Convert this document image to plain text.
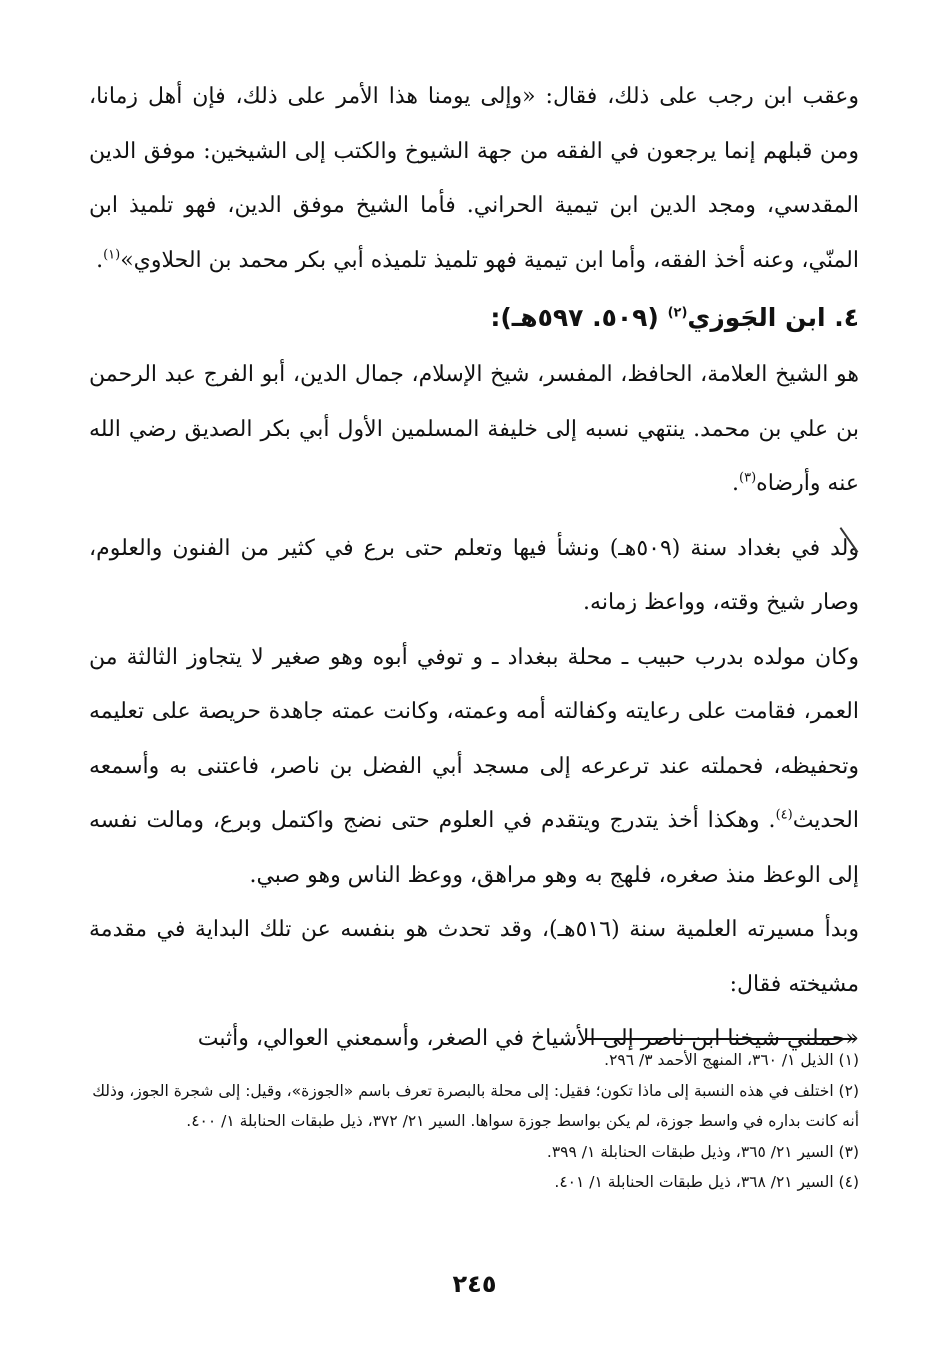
وعقب ابن رجب على ذلك، فقال: «وإلى يومنا هذا الأمر على ذلك، فإن أهل زمانا، ومن قبلهم إنما يرجعون في الفقه من جهة الشيوخ والكتب إلى الشيخين: موفق الدين المقدسي، ومجد الدين ابن تيمية الحراني. فأما الشيخ موفق الدين، فهو تلميذ ابن المنّي، وعنه أخذ الفقه، وأما ابن تيمية فهو تلميذ تلميذه أبي بكر محمد بن الحلاوي»$^{(١)}$.

٤. ابن الجَوزي$^{(٢)}$ (٥٠٩. ٥٩٧هـ):

هو الشيخ العلامة، الحافظ، المفسر، شيخ الإسلام، جمال الدين، أبو الفرج عبد الرحمن بن علي بن محمد. ينتهي نسبه إلى خليفة المسلمين الأول أبي بكر الصديق رضي الله عنه وأرضاه$^{(٣)}$.

ولد في بغداد سنة (٥٠٩هـ) ونشأ فيها وتعلم حتى برع في كثير من الفنون والعلوم، وصار شيخ وقته، وواعظ زمانه.

وكان مولده بدرب حبيب ـ محلة ببغداد ـ و توفي أبوه وهو صغير لا يتجاوز الثالثة من العمر، فقامت على رعايته وكفالته أمه وعمته، وكانت عمته جاهدة حريصة على تعليمه وتحفيظه، فحملته عند ترعرعه إلى مسجد أبي الفضل بن ناصر، فاعتنى به وأسمعه الحديث$^{(٤)}$. وهكذا أخذ يتدرج ويتقدم في العلوم حتى نضج واكتمل وبرع، ومالت نفسه إلى الوعظ منذ صغره، فلهج به وهو مراهق، ووعظ الناس وهو صبي.

وبدأ مسيرته العلمية سنة (٥١٦هـ)، وقد تحدث هو بنفسه عن تلك البداية في مقدمة مشيخته فقال:

«حملني شيخنا ابن ناصر إلى الأشياخ في الصغر، وأسمعني العوالي، وأثبت

(١) الذيل ١/ ٣٦٠، المنهج الأحمد ٣/ ٢٩٦.

(٢) اختلف في هذه النسبة إلى ماذا تكون؛ فقيل: إلى محلة بالبصرة تعرف باسم «الجوزة»، وقيل: إلى شجرة الجوز، وذلك أنه كانت بداره في واسط جوزة، لم يكن بواسط جوزة سواها. السير ٢١/ ٣٧٢، ذيل طبقات الحنابلة ١/ ٤٠٠.

(٣) السير ٢١/ ٣٦٥، وذيل طبقات الحنابلة ١/ ٣٩٩.

(٤) السير ٢١/ ٣٦٨، ذيل طبقات الحنابلة ١/ ٤٠١.

٢٤٥
